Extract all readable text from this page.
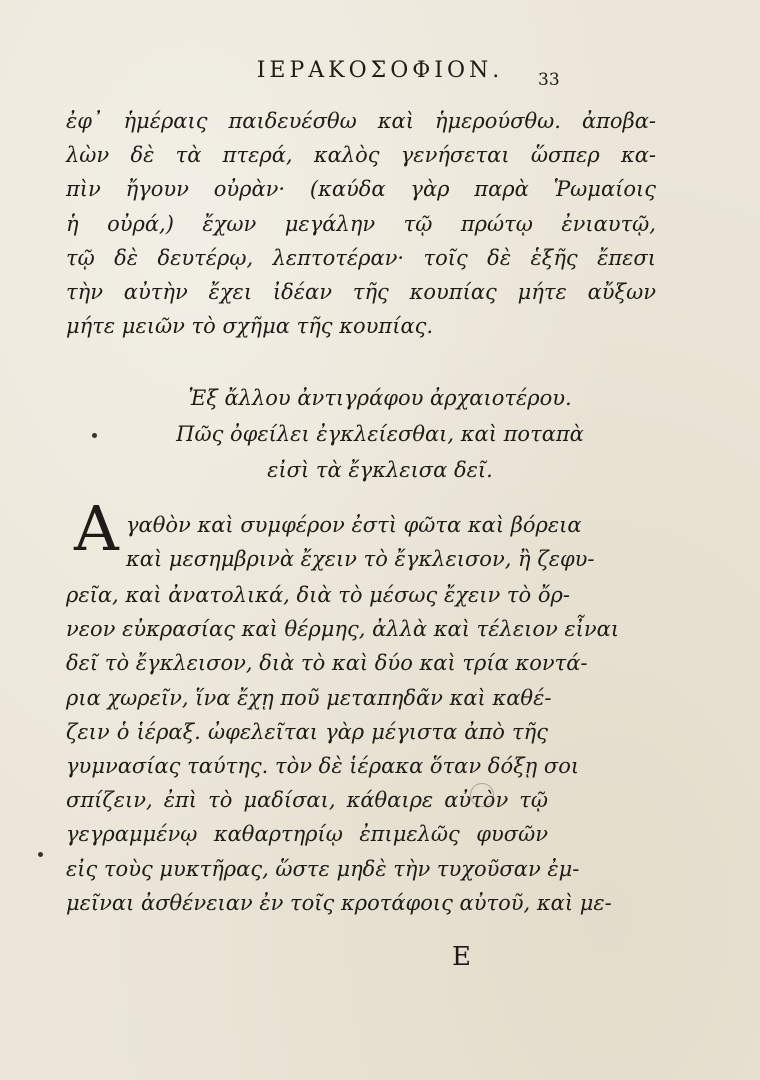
ΙΕΡΑΚΟΣΟΦΙΟΝ.	33
ἐφ᾽ ἡμέραις παιδευέσθω καὶ ἡμερούσθω. ἀποβα-
λὼν δὲ τὰ πτερά, καλὸς γενήσεται ὥσπερ κα-
πὶν ἤγουν οὐρὰν· (καύδα γὰρ παρὰ Ῥωμαίοις
ἡ οὐρά,) ἔχων μεγάλην τῷ πρώτῳ ἐνιαυτῷ,
τῷ δὲ δευτέρῳ, λεπτοτέραν· τοῖς δὲ ἑξῆς ἔπεσι
τὴν αὐτὴν ἔχει ἰδέαν τῆς κουπίας μήτε αὔξων
μήτε μειῶν τὸ σχῆμα τῆς κουπίας.
Ἐξ ἄλλου ἀντιγράφου ἀρχαιοτέρου.
Πῶς ὀφείλει ἐγκλείεσθαι, καὶ ποταπὰ
εἰσὶ τὰ ἔγκλεισα δεῖ.
Α γαθὸν καὶ συμφέρον ἐστὶ φῶτα καὶ βόρεια
καὶ μεσημβρινὰ ἔχειν τὸ ἔγκλεισον, ἢ ζεφυ-
ρεῖα, καὶ ἀνατολικά, διὰ τὸ μέσως ἔχειν τὸ ὄρ-
νεον εὐκρασίας καὶ θέρμης, ἀλλὰ καὶ τέλειον εἶναι
δεῖ τὸ ἔγκλεισον, διὰ τὸ καὶ δύο καὶ τρία κοντά-
ρια χωρεῖν, ἵνα ἔχῃ ποῦ μεταπηδᾶν καὶ καθέ-
ζειν ὁ ἱέραξ. ὠφελεῖται γὰρ μέγιστα ἀπὸ τῆς
γυμνασίας ταύτης. τὸν δὲ ἱέρακα ὅταν δόξῃ σοι
σπίζειν, ἐπὶ τὸ μαδίσαι, κάθαιρε αὐτὸν τῷ
γεγραμμένῳ καθαρτηρίῳ ἐπιμελῶς φυσῶν
εἰς τοὺς μυκτῆρας, ὥστε μηδὲ τὴν τυχοῦσαν ἐμ-
μεῖναι ἀσθένειαν ἐν τοῖς κροτάφοις αὐτοῦ, καὶ με-
Ε
